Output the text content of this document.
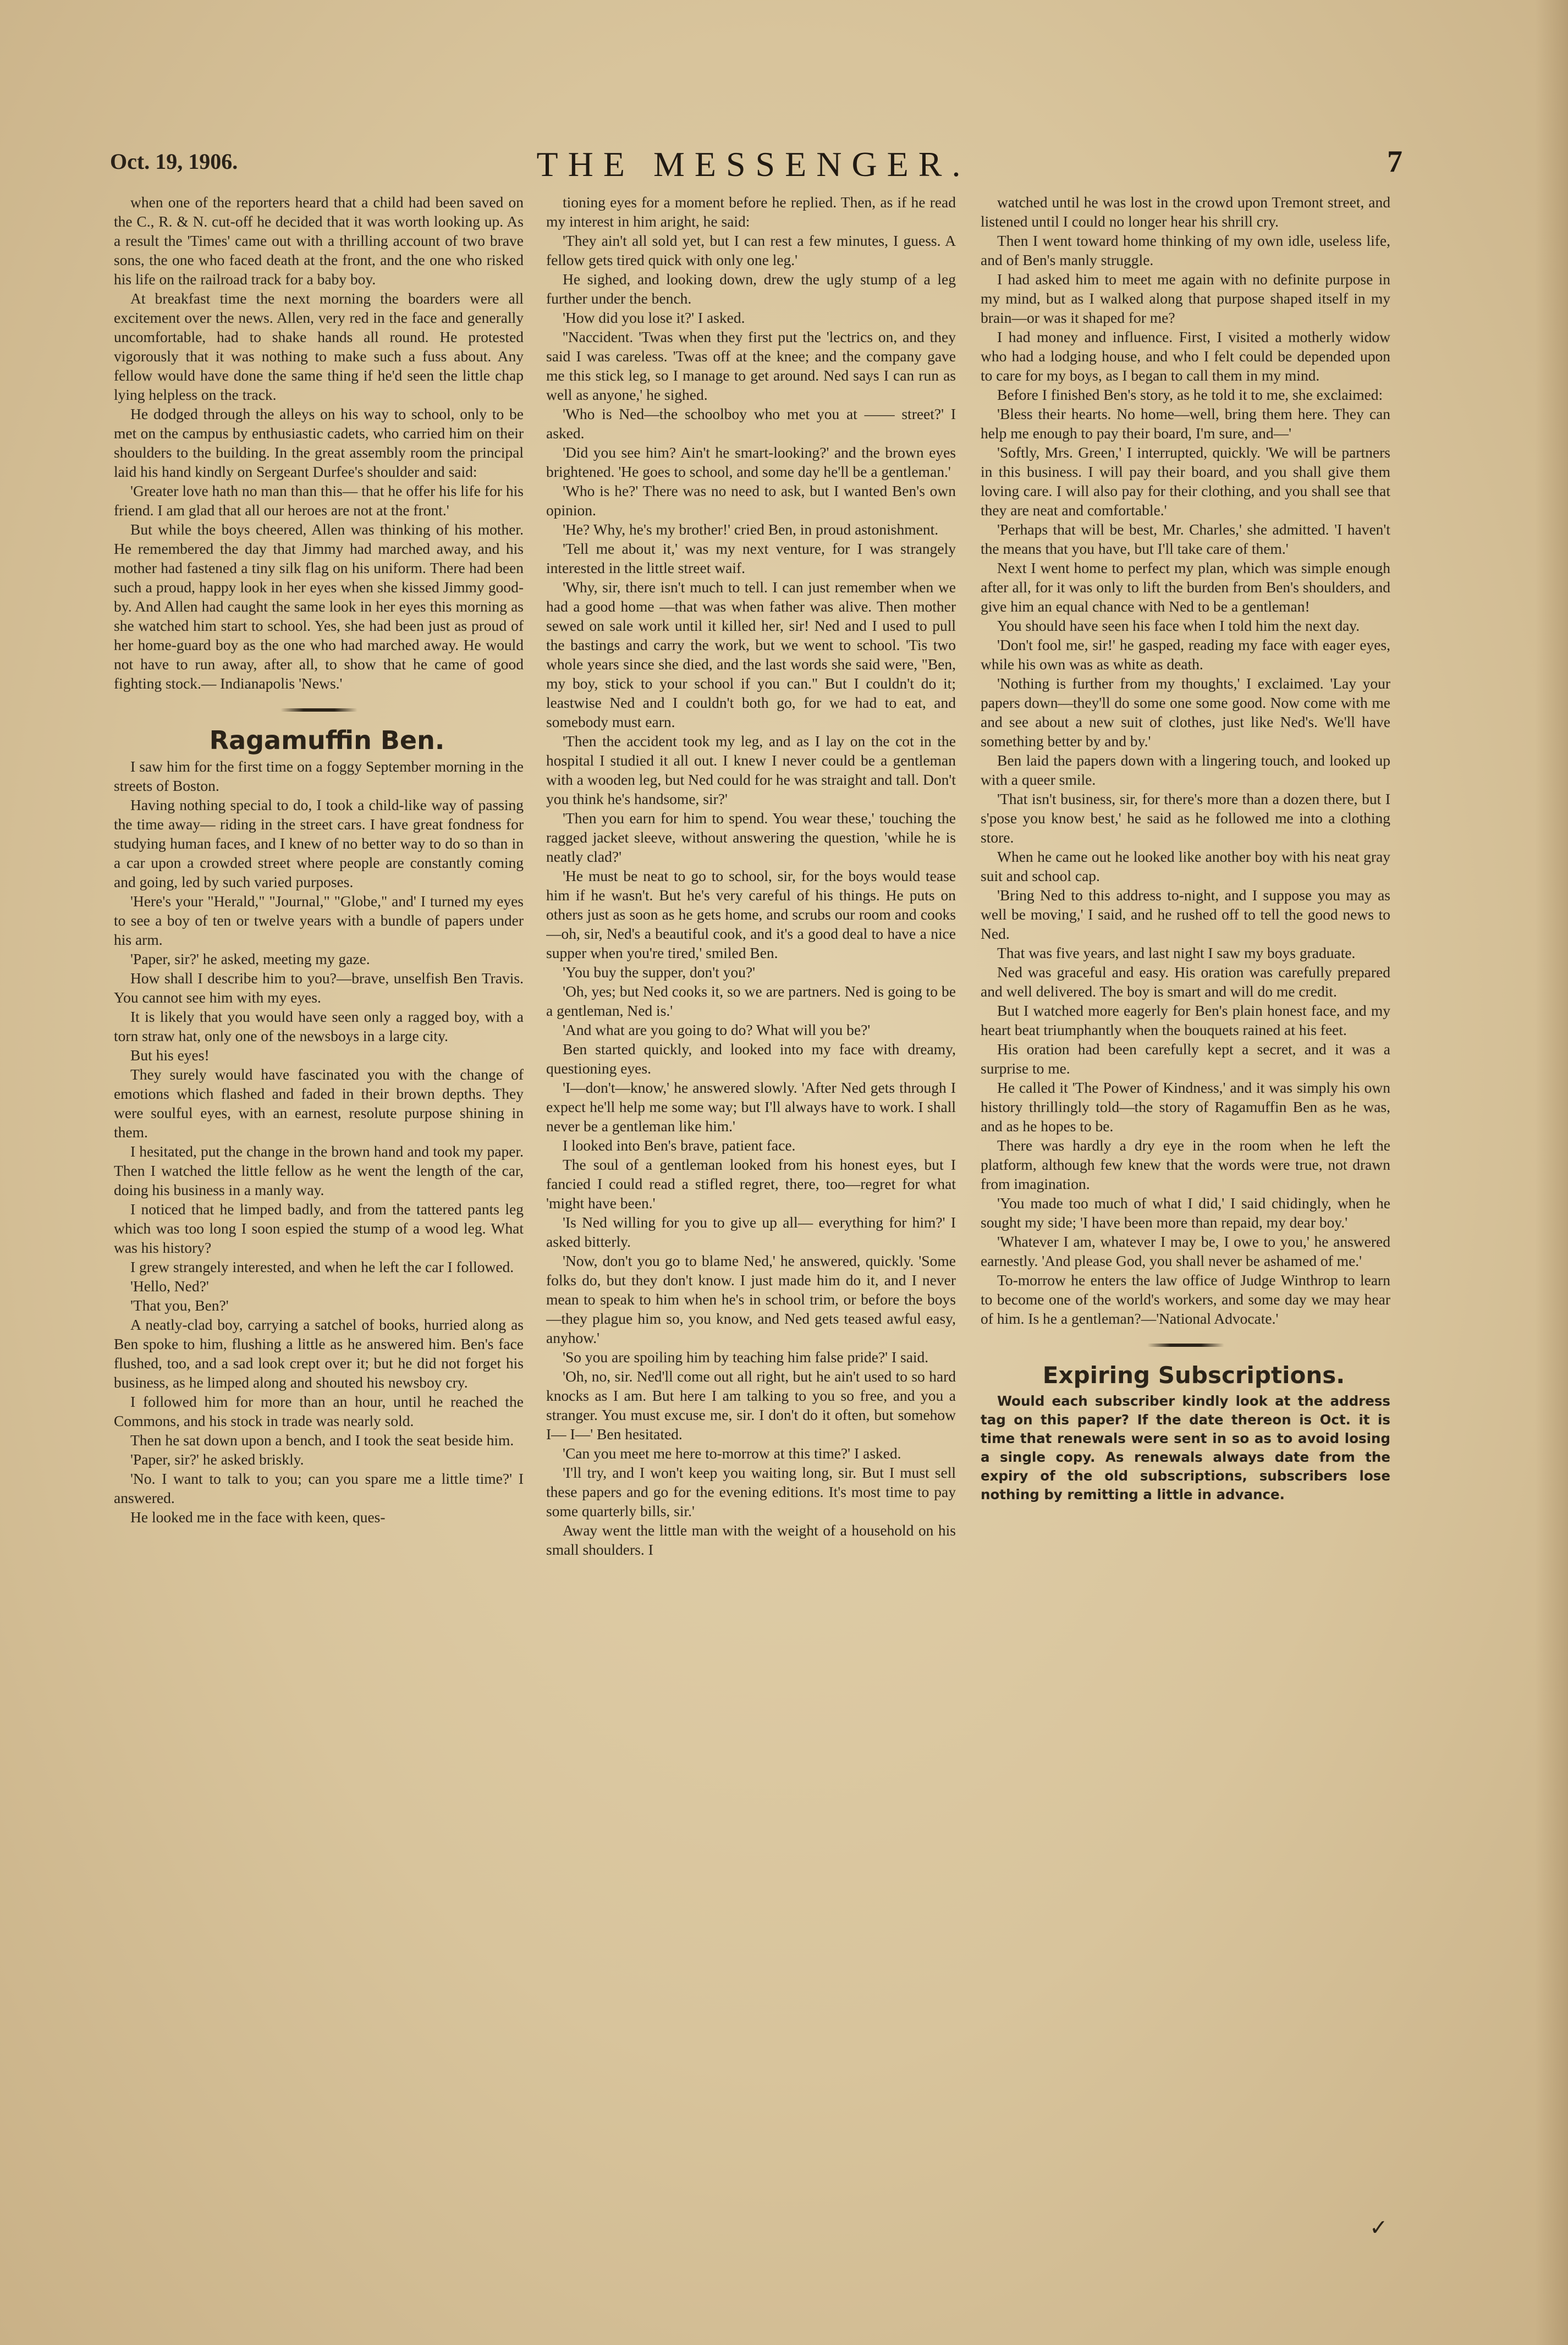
Oct. 19, 1906.	THE MESSENGER.	7

when one of the reporters heard that a child had been saved on the C., R. & N. cut-off he decided that it was worth looking up. As a result the 'Times' came out with a thrilling account of two brave sons, the one who faced death at the front, and the one who risked his life on the railroad track for a baby boy.

At breakfast time the next morning the boarders were all excitement over the news. Allen, very red in the face and generally uncomfortable, had to shake hands all round. He protested vigorously that it was nothing to make such a fuss about. Any fellow would have done the same thing if he'd seen the little chap lying helpless on the track.

He dodged through the alleys on his way to school, only to be met on the campus by enthusiastic cadets, who carried him on their shoulders to the building. In the great assembly room the principal laid his hand kindly on Sergeant Durfee's shoulder and said:

'Greater love hath no man than this— that he offer his life for his friend. I am glad that all our heroes are not at the front.'

But while the boys cheered, Allen was thinking of his mother. He remembered the day that Jimmy had marched away, and his mother had fastened a tiny silk flag on his uniform. There had been such a proud, happy look in her eyes when she kissed Jimmy good-by. And Allen had caught the same look in her eyes this morning as she watched him start to school. Yes, she had been just as proud of her home-guard boy as the one who had marched away. He would not have to run away, after all, to show that he came of good fighting stock.— Indianapolis 'News.'

Ragamuffin Ben.

I saw him for the first time on a foggy September morning in the streets of Boston.

Having nothing special to do, I took a child-like way of passing the time away— riding in the street cars. I have great fondness for studying human faces, and I knew of no better way to do so than in a car upon a crowded street where people are constantly coming and going, led by such varied purposes.

'Here's your "Herald," "Journal," "Globe," and' I turned my eyes to see a boy of ten or twelve years with a bundle of papers under his arm.

'Paper, sir?' he asked, meeting my gaze.

How shall I describe him to you?—brave, unselfish Ben Travis. You cannot see him with my eyes.

It is likely that you would have seen only a ragged boy, with a torn straw hat, only one of the newsboys in a large city.

But his eyes!

They surely would have fascinated you with the change of emotions which flashed and faded in their brown depths. They were soulful eyes, with an earnest, resolute purpose shining in them.

I hesitated, put the change in the brown hand and took my paper. Then I watched the little fellow as he went the length of the car, doing his business in a manly way.

I noticed that he limped badly, and from the tattered pants leg which was too long I soon espied the stump of a wood leg. What was his history?

I grew strangely interested, and when he left the car I followed.

'Hello, Ned?'

'That you, Ben?'

A neatly-clad boy, carrying a satchel of books, hurried along as Ben spoke to him, flushing a little as he answered him. Ben's face flushed, too, and a sad look crept over it; but he did not forget his business, as he limped along and shouted his newsboy cry.

I followed him for more than an hour, until he reached the Commons, and his stock in trade was nearly sold.

Then he sat down upon a bench, and I took the seat beside him.

'Paper, sir?' he asked briskly.

'No. I want to talk to you; can you spare me a little time?' I answered.

He looked me in the face with keen, ques-

tioning eyes for a moment before he replied. Then, as if he read my interest in him aright, he said:

'They ain't all sold yet, but I can rest a few minutes, I guess. A fellow gets tired quick with only one leg.'

He sighed, and looking down, drew the ugly stump of a leg further under the bench.

'How did you lose it?' I asked.

''Naccident. 'Twas when they first put the 'lectrics on, and they said I was careless. 'Twas off at the knee; and the company gave me this stick leg, so I manage to get around. Ned says I can run as well as anyone,' he sighed.

'Who is Ned—the schoolboy who met you at —— street?' I asked.

'Did you see him? Ain't he smart-looking?' and the brown eyes brightened. 'He goes to school, and some day he'll be a gentleman.'

'Who is he?' There was no need to ask, but I wanted Ben's own opinion.

'He? Why, he's my brother!' cried Ben, in proud astonishment.

'Tell me about it,' was my next venture, for I was strangely interested in the little street waif.

'Why, sir, there isn't much to tell. I can just remember when we had a good home —that was when father was alive. Then mother sewed on sale work until it killed her, sir! Ned and I used to pull the bastings and carry the work, but we went to school. 'Tis two whole years since she died, and the last words she said were, "Ben, my boy, stick to your school if you can." But I couldn't do it; leastwise Ned and I couldn't both go, for we had to eat, and somebody must earn.

'Then the accident took my leg, and as I lay on the cot in the hospital I studied it all out. I knew I never could be a gentleman with a wooden leg, but Ned could for he was straight and tall. Don't you think he's handsome, sir?'

'Then you earn for him to spend. You wear these,' touching the ragged jacket sleeve, without answering the question, 'while he is neatly clad?'

'He must be neat to go to school, sir, for the boys would tease him if he wasn't. But he's very careful of his things. He puts on others just as soon as he gets home, and scrubs our room and cooks—oh, sir, Ned's a beautiful cook, and it's a good deal to have a nice supper when you're tired,' smiled Ben.

'You buy the supper, don't you?'

'Oh, yes; but Ned cooks it, so we are partners. Ned is going to be a gentleman, Ned is.'

'And what are you going to do? What will you be?'

Ben started quickly, and looked into my face with dreamy, questioning eyes.

'I—don't—know,' he answered slowly. 'After Ned gets through I expect he'll help me some way; but I'll always have to work. I shall never be a gentleman like him.'

I looked into Ben's brave, patient face.

The soul of a gentleman looked from his honest eyes, but I fancied I could read a stifled regret, there, too—regret for what 'might have been.'

'Is Ned willing for you to give up all— everything for him?' I asked bitterly.

'Now, don't you go to blame Ned,' he answered, quickly. 'Some folks do, but they don't know. I just made him do it, and I never mean to speak to him when he's in school trim, or before the boys—they plague him so, you know, and Ned gets teased awful easy, anyhow.'

'So you are spoiling him by teaching him false pride?' I said.

'Oh, no, sir. Ned'll come out all right, but he ain't used to so hard knocks as I am. But here I am talking to you so free, and you a stranger. You must excuse me, sir. I don't do it often, but somehow I— I—' Ben hesitated.

'Can you meet me here to-morrow at this time?' I asked.

'I'll try, and I won't keep you waiting long, sir. But I must sell these papers and go for the evening editions. It's most time to pay some quarterly bills, sir.'

Away went the little man with the weight of a household on his small shoulders. I

watched until he was lost in the crowd upon Tremont street, and listened until I could no longer hear his shrill cry.

Then I went toward home thinking of my own idle, useless life, and of Ben's manly struggle.

I had asked him to meet me again with no definite purpose in my mind, but as I walked along that purpose shaped itself in my brain—or was it shaped for me?

I had money and influence. First, I visited a motherly widow who had a lodging house, and who I felt could be depended upon to care for my boys, as I began to call them in my mind.

Before I finished Ben's story, as he told it to me, she exclaimed:

'Bless their hearts. No home—well, bring them here. They can help me enough to pay their board, I'm sure, and—'

'Softly, Mrs. Green,' I interrupted, quickly. 'We will be partners in this business. I will pay their board, and you shall give them loving care. I will also pay for their clothing, and you shall see that they are neat and comfortable.'

'Perhaps that will be best, Mr. Charles,' she admitted. 'I haven't the means that you have, but I'll take care of them.'

Next I went home to perfect my plan, which was simple enough after all, for it was only to lift the burden from Ben's shoulders, and give him an equal chance with Ned to be a gentleman!

You should have seen his face when I told him the next day.

'Don't fool me, sir!' he gasped, reading my face with eager eyes, while his own was as white as death.

'Nothing is further from my thoughts,' I exclaimed. 'Lay your papers down—they'll do some one some good. Now come with me and see about a new suit of clothes, just like Ned's. We'll have something better by and by.'

Ben laid the papers down with a lingering touch, and looked up with a queer smile.

'That isn't business, sir, for there's more than a dozen there, but I s'pose you know best,' he said as he followed me into a clothing store.

When he came out he looked like another boy with his neat gray suit and school cap.

'Bring Ned to this address to-night, and I suppose you may as well be moving,' I said, and he rushed off to tell the good news to Ned.

That was five years, and last night I saw my boys graduate.

Ned was graceful and easy. His oration was carefully prepared and well delivered. The boy is smart and will do me credit.

But I watched more eagerly for Ben's plain honest face, and my heart beat triumphantly when the bouquets rained at his feet.

His oration had been carefully kept a secret, and it was a surprise to me.

He called it 'The Power of Kindness,' and it was simply his own history thrillingly told—the story of Ragamuffin Ben as he was, and as he hopes to be.

There was hardly a dry eye in the room when he left the platform, although few knew that the words were true, not drawn from imagination.

'You made too much of what I did,' I said chidingly, when he sought my side; 'I have been more than repaid, my dear boy.'

'Whatever I am, whatever I may be, I owe to you,' he answered earnestly. 'And please God, you shall never be ashamed of me.'

To-morrow he enters the law office of Judge Winthrop to learn to become one of the world's workers, and some day we may hear of him. Is he a gentleman?—'National Advocate.'

Expiring Subscriptions.

Would each subscriber kindly look at the address tag on this paper? If the date thereon is Oct. it is time that renewals were sent in so as to avoid losing a single copy. As renewals always date from the expiry of the old subscriptions, subscribers lose nothing by remitting a little in advance.

✓
